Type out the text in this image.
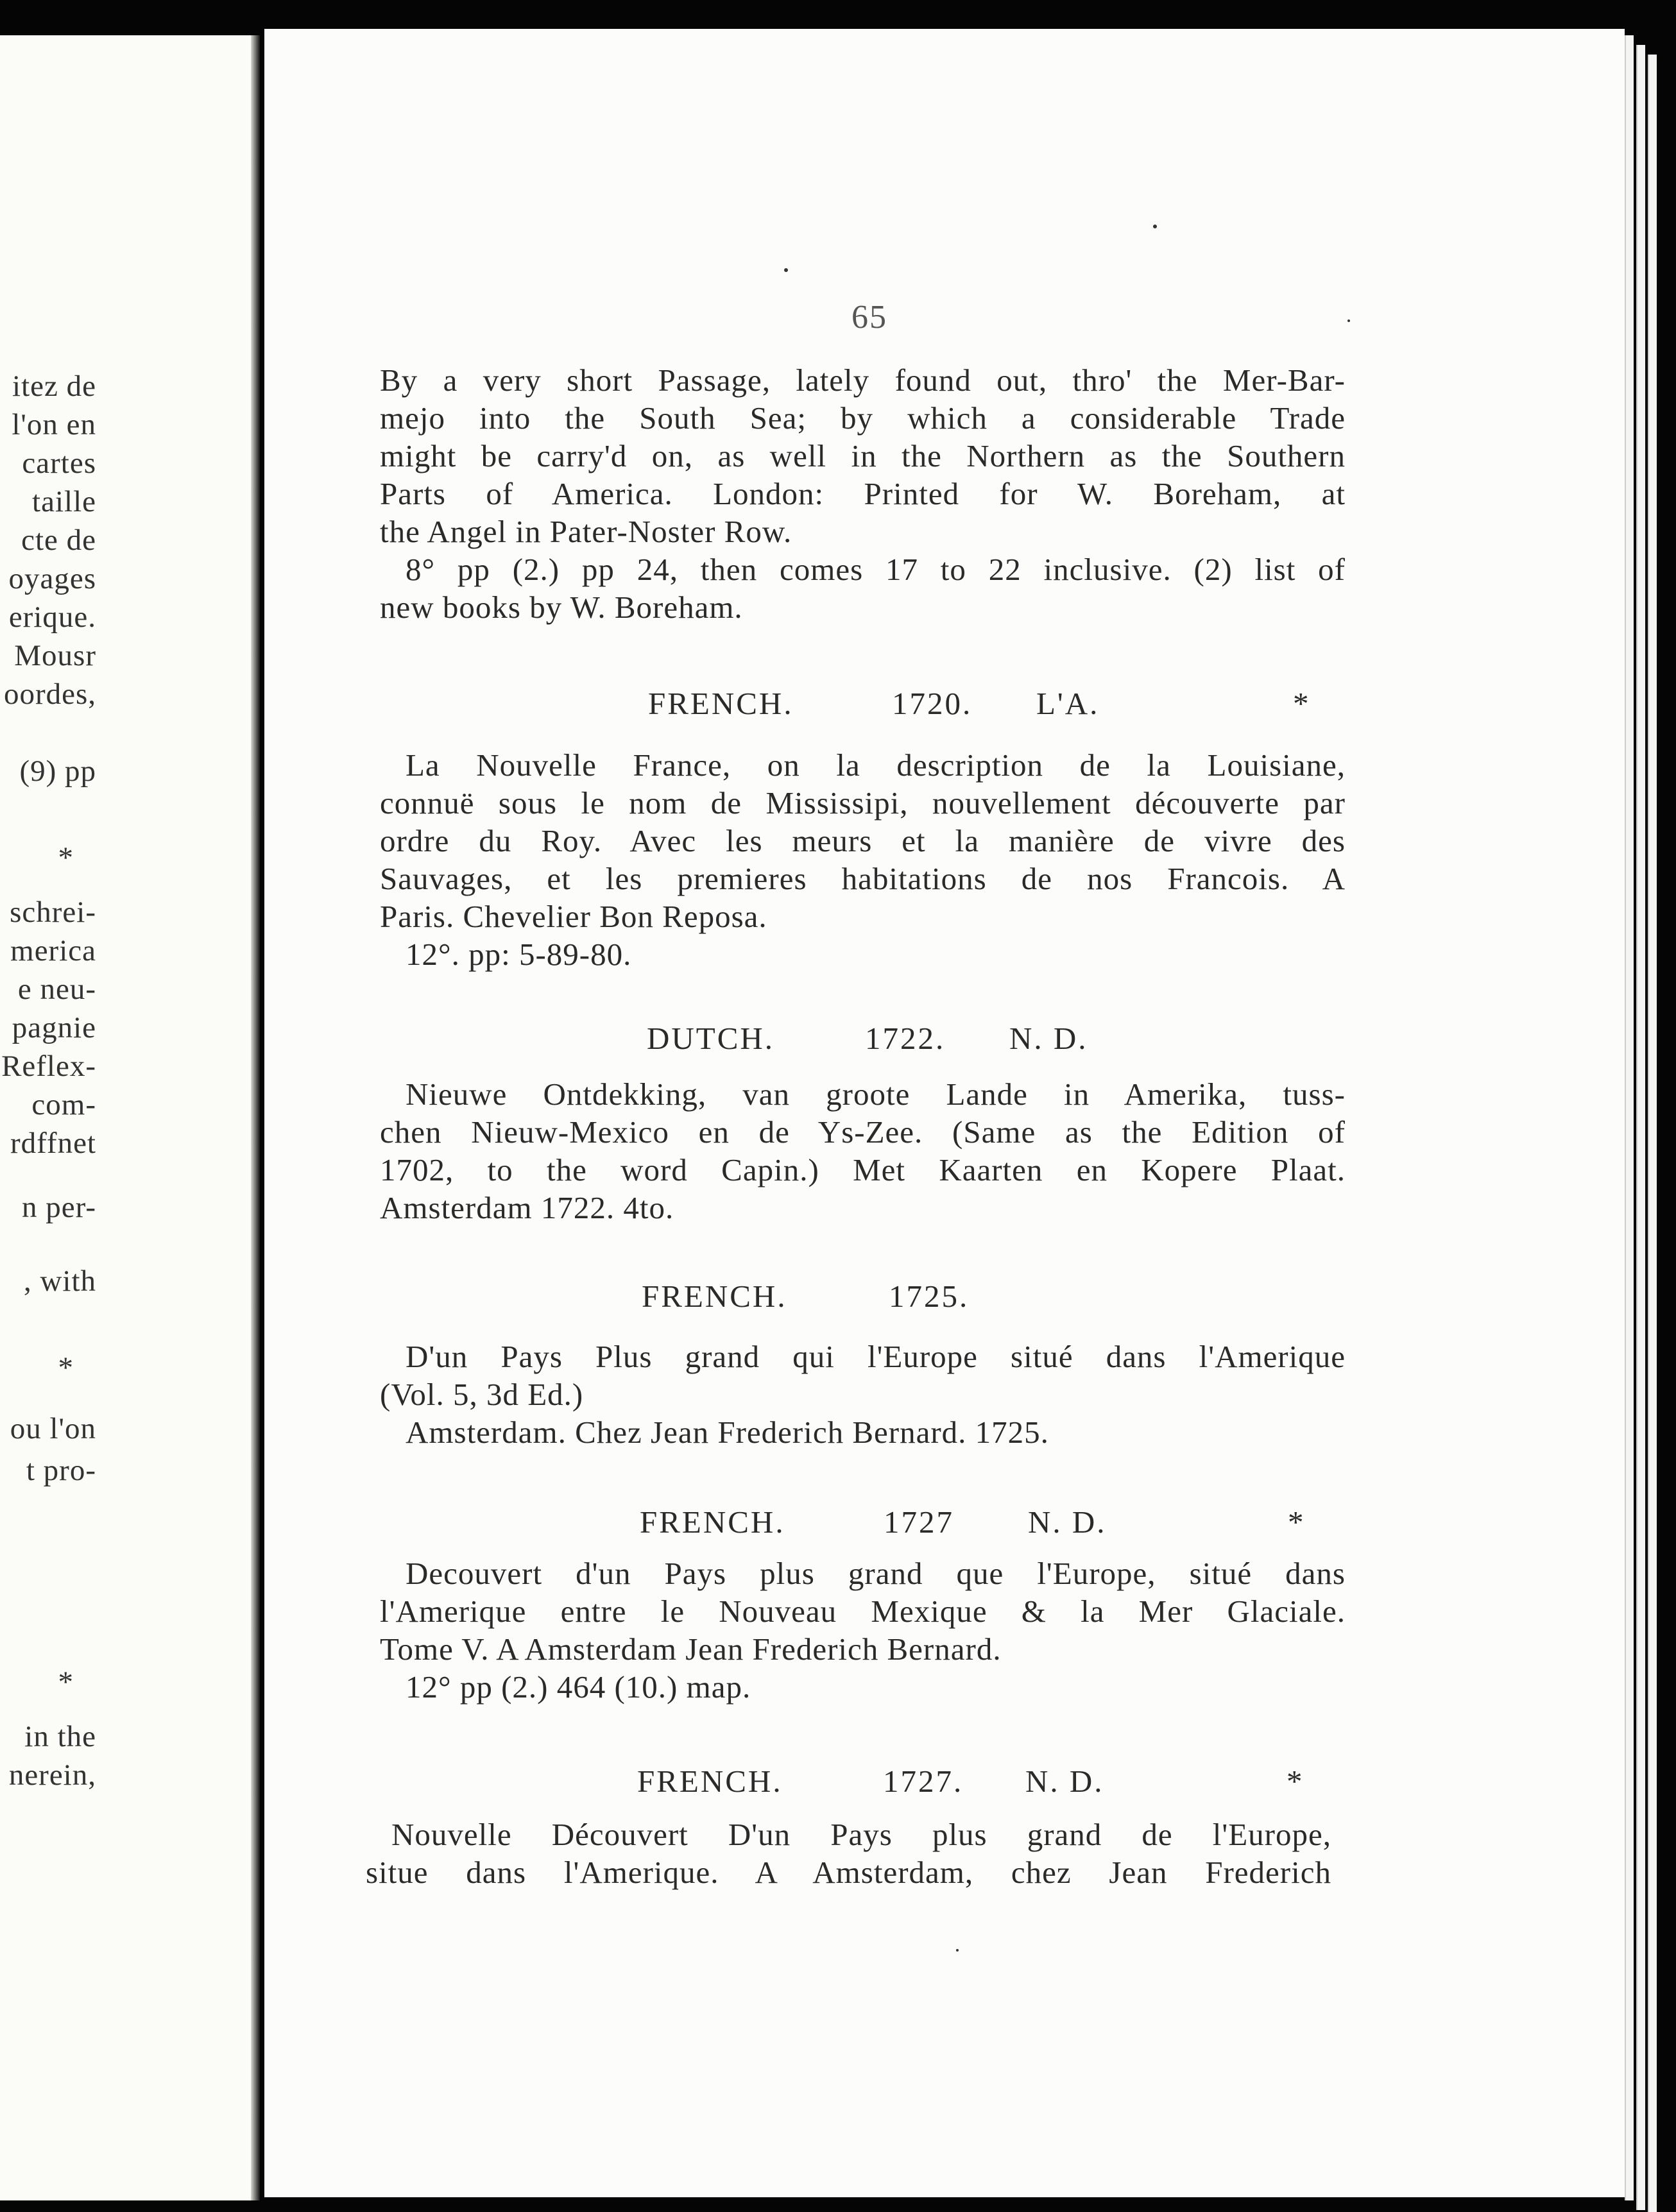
itez de
l'on en
cartes
taille
cte de
oyages
erique.
Mousr
oordes,
(9) pp
*
schrei-
merica
e neu-
pagnie
Reflex-
com-
rdffnet
n per-
, with
*
ou l'on
t pro-
*
in the
nerein,
65
By a very short Passage, lately found out, thro' the Mer-Bar-
mejo into the South Sea; by which a considerable Trade
might be carry'd on, as well in the Northern as the Southern
Parts of America. London: Printed for W. Boreham, at
the Angel in Pater-Noster Row.
8° pp (2.) pp 24, then comes 17 to 22 inclusive. (2) list of
new books by W. Boreham.
FRENCH.	1720. L'A.	*
La Nouvelle France, on la description de la Louisiane,
connuë sous le nom de Mississipi, nouvellement découverte par
ordre du Roy. Avec les meurs et la manière de vivre des
Sauvages, et les premieres habitations de nos Francois. A
Paris. Chevelier Bon Reposa.
12°. pp: 5-89-80.
DUTCH.	1722. N. D.
Nieuwe Ontdekking, van groote Lande in Amerika, tuss-
chen Nieuw-Mexico en de Ys-Zee. (Same as the Edition of
1702, to the word Capin.) Met Kaarten en Kopere Plaat.
Amsterdam 1722. 4to.
FRENCH.	1725.
D'un Pays Plus grand qui l'Europe situé dans l'Amerique
(Vol. 5, 3d Ed.)
Amsterdam. Chez Jean Frederich Bernard. 1725.
FRENCH.	1727 N. D.	*
Decouvert d'un Pays plus grand que l'Europe, situé dans
l'Amerique entre le Nouveau Mexique & la Mer Glaciale.
Tome V. A Amsterdam Jean Frederich Bernard.
12° pp (2.) 464 (10.) map.
FRENCH.	1727. N. D.	*
Nouvelle Découvert D'un Pays plus grand de l'Europe,
situe dans l'Amerique. A Amsterdam, chez Jean Frederich
